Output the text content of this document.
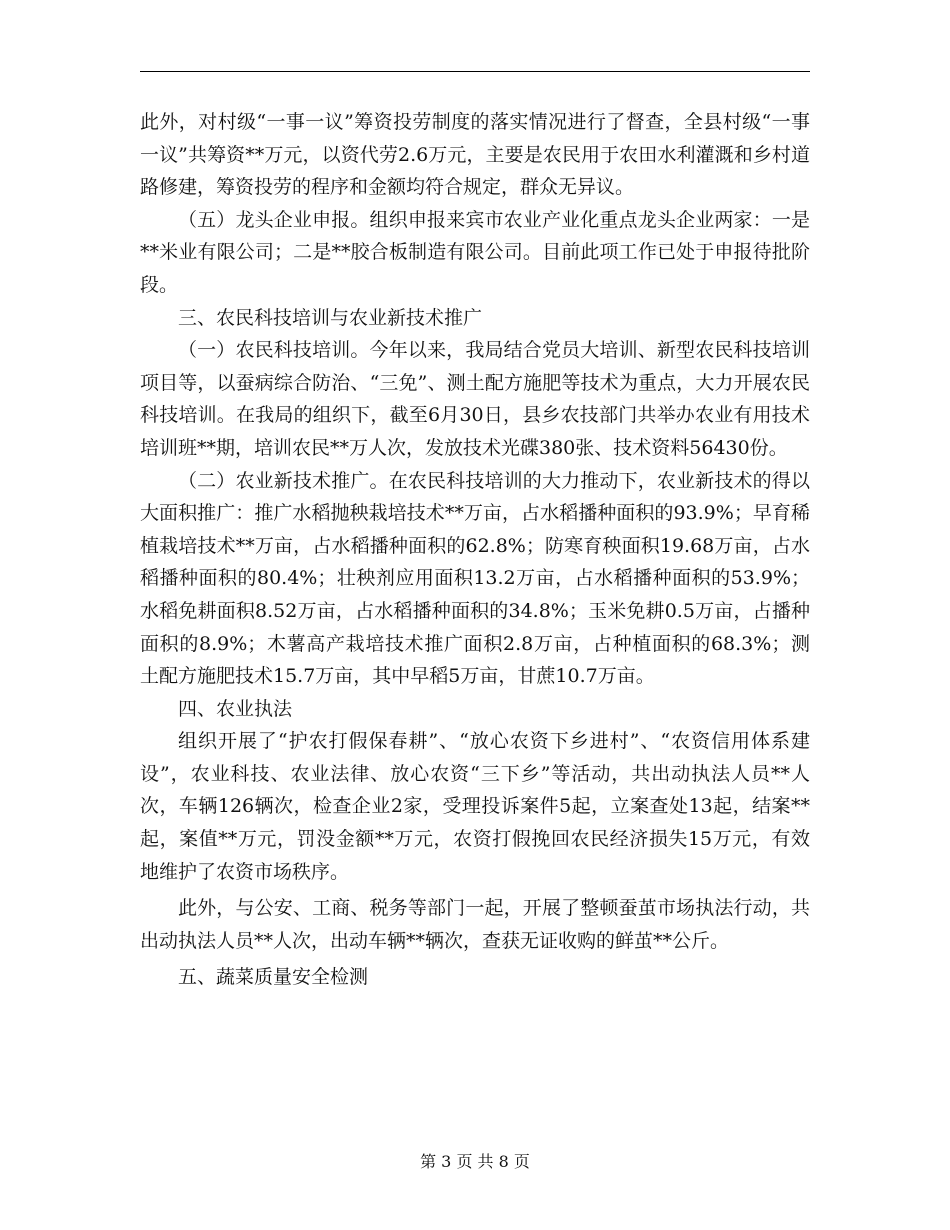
此外，对村级“一事一议”筹资投劳制度的落实情况进行了督查，全县村级“一事一议”共筹资**万元，以资代劳2.6万元，主要是农民用于农田水利灌溉和乡村道路修建，筹资投劳的程序和金额均符合规定，群众无异议。

（五）龙头企业申报。组织申报来宾市农业产业化重点龙头企业两家：一是**米业有限公司；二是**胶合板制造有限公司。目前此项工作已处于申报待批阶段。

三、农民科技培训与农业新技术推广

（一）农民科技培训。今年以来，我局结合党员大培训、新型农民科技培训项目等，以蚕病综合防治、“三免”、测土配方施肥等技术为重点，大力开展农民科技培训。在我局的组织下，截至6月30日，县乡农技部门共举办农业有用技术培训班**期，培训农民**万人次，发放技术光碟380张、技术资料56430份。

（二）农业新技术推广。在农民科技培训的大力推动下，农业新技术的得以大面积推广：推广水稻抛秧栽培技术**万亩，占水稻播种面积的93.9%；早育稀植栽培技术**万亩，占水稻播种面积的62.8%；防寒育秧面积19.68万亩，占水稻播种面积的80.4%；壮秧剂应用面积13.2万亩，占水稻播种面积的53.9%；水稻免耕面积8.52万亩，占水稻播种面积的34.8%；玉米免耕0.5万亩，占播种面积的8.9%；木薯高产栽培技术推广面积2.8万亩，占种植面积的68.3%；测土配方施肥技术15.7万亩，其中早稻5万亩，甘蔗10.7万亩。

四、农业执法

组织开展了“护农打假保春耕”、“放心农资下乡进村”、“农资信用体系建设”，农业科技、农业法律、放心农资“三下乡”等活动，共出动执法人员**人次，车辆126辆次，检查企业2家，受理投诉案件5起，立案查处13起，结案**起，案值**万元，罚没金额**万元，农资打假挽回农民经济损失15万元，有效地维护了农资市场秩序。

此外，与公安、工商、税务等部门一起，开展了整顿蚕茧市场执法行动，共出动执法人员**人次，出动车辆**辆次，查获无证收购的鲜茧**公斤。

五、蔬菜质量安全检测

第 3 页 共 8 页
